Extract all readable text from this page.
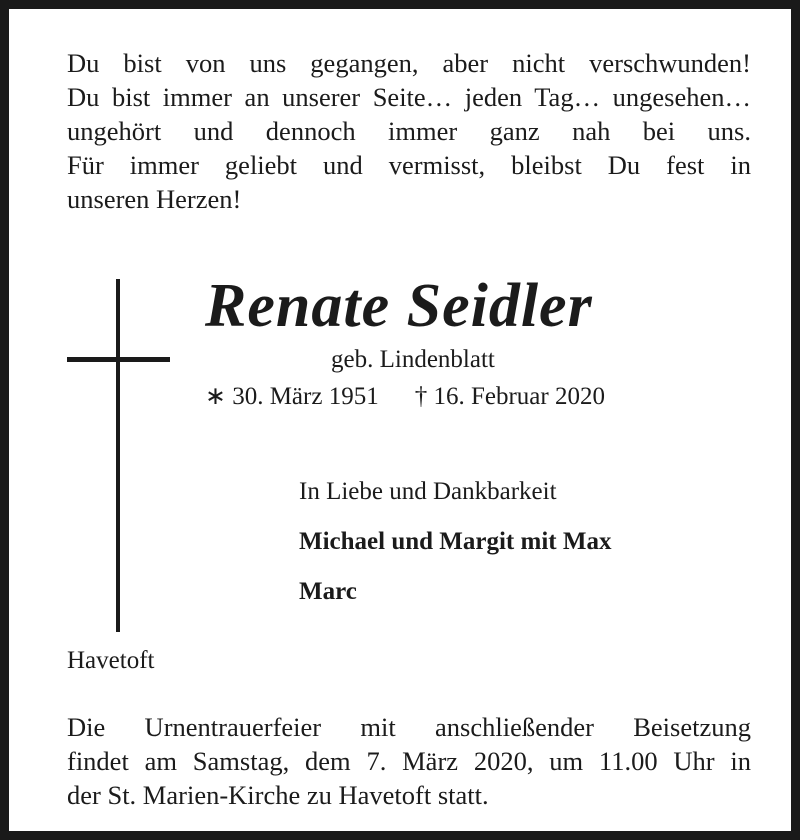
Du bist von uns gegangen, aber nicht verschwunden!
Du bist immer an unserer Seite… jeden Tag… ungesehen…
ungehört und dennoch immer ganz nah bei uns.
Für immer geliebt und vermisst, bleibst Du fest in
unseren Herzen!
Renate Seidler
geb. Lindenblatt
∗ 30. März 1951 † 16. Februar 2020
In Liebe und Dankbarkeit
Michael und Margit mit Max
Marc
Havetoft
Die Urnentrauerfeier mit anschließender Beisetzung
findet am Samstag, dem 7. März 2020, um 11.00 Uhr in
der St. Marien-Kirche zu Havetoft statt.
